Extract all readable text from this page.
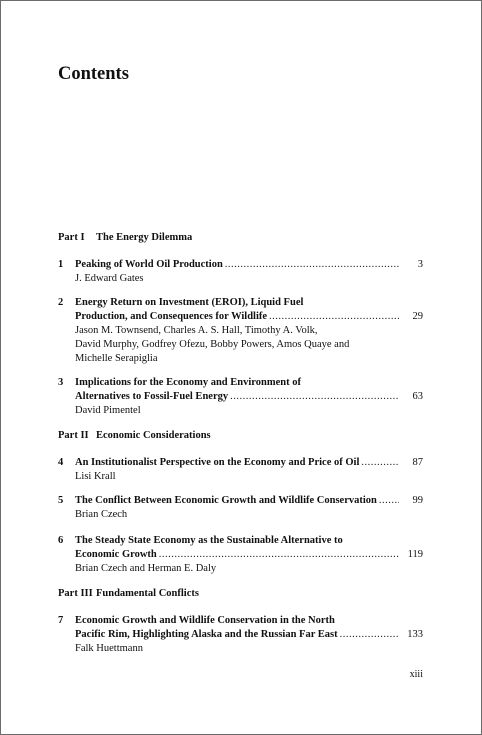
Contents
Part I The Energy Dilemma
1 Peaking of World Oil Production .....	3
J. Edward Gates
2 Energy Return on Investment (EROI), Liquid Fuel
Production, and Consequences for Wildlife .....	29
Jason M. Townsend, Charles A. S. Hall, Timothy A. Volk,
David Murphy, Godfrey Ofezu, Bobby Powers, Amos Quaye and
Michelle Serapiglia
3 Implications for the Economy and Environment of
Alternatives to Fossil-Fuel Energy .....	63
David Pimentel
Part II Economic Considerations
4 An Institutionalist Perspective on the Economy and Price of Oil .....	87
Lisi Krall
5 The Conflict Between Economic Growth and Wildlife Conservation .....	99
Brian Czech
6 The Steady State Economy as the Sustainable Alternative to
Economic Growth .....	119
Brian Czech and Herman E. Daly
Part III Fundamental Conflicts
7 Economic Growth and Wildlife Conservation in the North
Pacific Rim, Highlighting Alaska and the Russian Far East .....	133
Falk Huettmann
xiii
